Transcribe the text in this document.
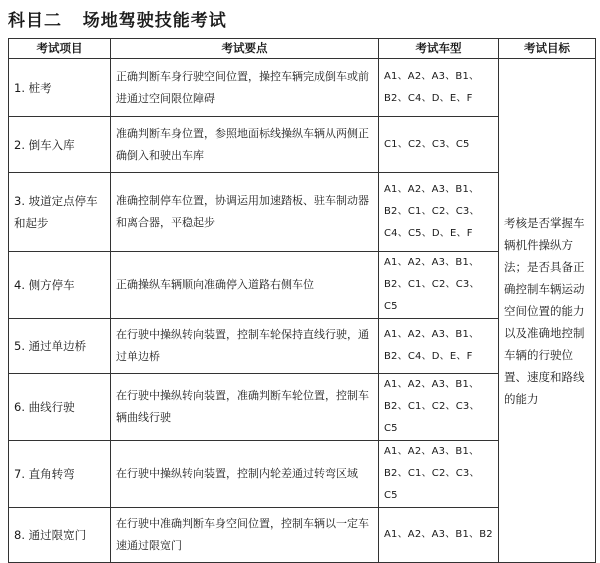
科目二   场地驾驶技能考试
考试项目	考试要点	考试车型	考试目标
1. 桩考	正确判断车身行驶空间位置，操控车辆完成倒车或前进通过空间限位障碍	A1、A2、A3、B1、B2、C4、D、E、F	考核是否掌握车辆机件操纵方法；是否具备正确控制车辆运动空间位置的能力以及准确地控制车辆的行驶位置、速度和路线的能力
2. 倒车入库	准确判断车身位置，参照地面标线操纵车辆从两侧正确倒入和驶出车库	C1、C2、C3、C5	
3. 坡道定点停车和起步	准确控制停车位置，协调运用加速踏板、驻车制动器和离合器，平稳起步	A1、A2、A3、B1、B2、C1、C2、C3、C4、C5、D、E、F	
4. 侧方停车	正确操纵车辆顺向准确停入道路右侧车位	A1、A2、A3、B1、B2、C1、C2、C3、C5	
5. 通过单边桥	在行驶中操纵转向装置，控制车轮保持直线行驶，通过单边桥	A1、A2、A3、B1、B2、C4、D、E、F	
6. 曲线行驶	在行驶中操纵转向装置，准确判断车轮位置，控制车辆曲线行驶	A1、A2、A3、B1、B2、C1、C2、C3、C5	
7. 直角转弯	在行驶中操纵转向装置，控制内轮差通过转弯区域	A1、A2、A3、B1、B2、C1、C2、C3、C5	
8. 通过限宽门	在行驶中准确判断车身空间位置，控制车辆以一定车速通过限宽门	A1、A2、A3、B1、B2	
